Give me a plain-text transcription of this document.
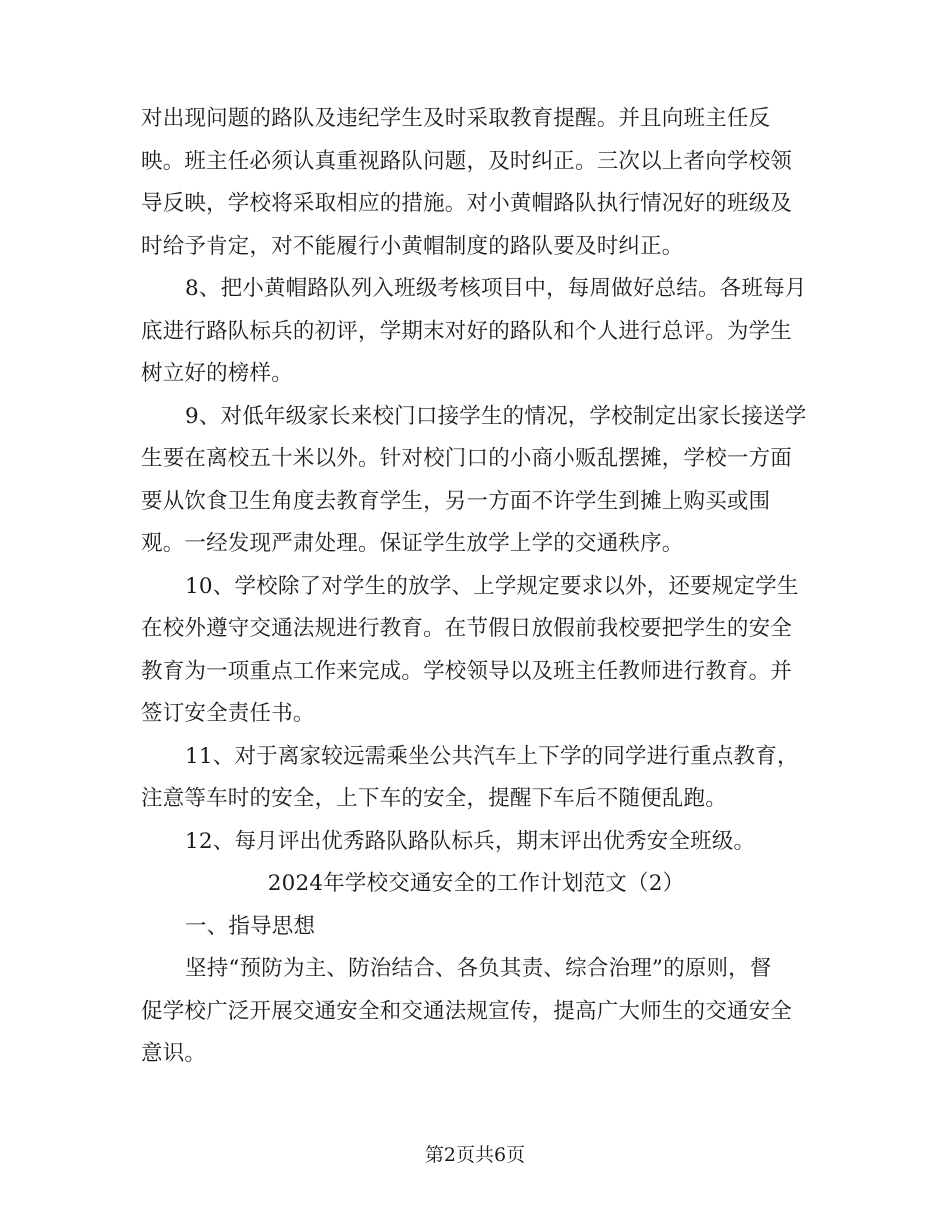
对出现问题的路队及违纪学生及时采取教育提醒。并且向班主任反
映。班主任必须认真重视路队问题，及时纠正。三次以上者向学校领
导反映，学校将采取相应的措施。对小黄帽路队执行情况好的班级及
时给予肯定，对不能履行小黄帽制度的路队要及时纠正。
8、把小黄帽路队列入班级考核项目中，每周做好总结。各班每月
底进行路队标兵的初评，学期末对好的路队和个人进行总评。为学生
树立好的榜样。
9、对低年级家长来校门口接学生的情况，学校制定出家长接送学
生要在离校五十米以外。针对校门口的小商小贩乱摆摊，学校一方面
要从饮食卫生角度去教育学生，另一方面不许学生到摊上购买或围
观。一经发现严肃处理。保证学生放学上学的交通秩序。
10、学校除了对学生的放学、上学规定要求以外，还要规定学生
在校外遵守交通法规进行教育。在节假日放假前我校要把学生的安全
教育为一项重点工作来完成。学校领导以及班主任教师进行教育。并
签订安全责任书。
11、对于离家较远需乘坐公共汽车上下学的同学进行重点教育，
注意等车时的安全，上下车的安全，提醒下车后不随便乱跑。
12、每月评出优秀路队路队标兵，期末评出优秀安全班级。
2024年学校交通安全的工作计划范文（2）
一、指导思想
坚持“预防为主、防治结合、各负其责、综合治理”的原则，督
促学校广泛开展交通安全和交通法规宣传，提高广大师生的交通安全
意识。
第2页共6页
